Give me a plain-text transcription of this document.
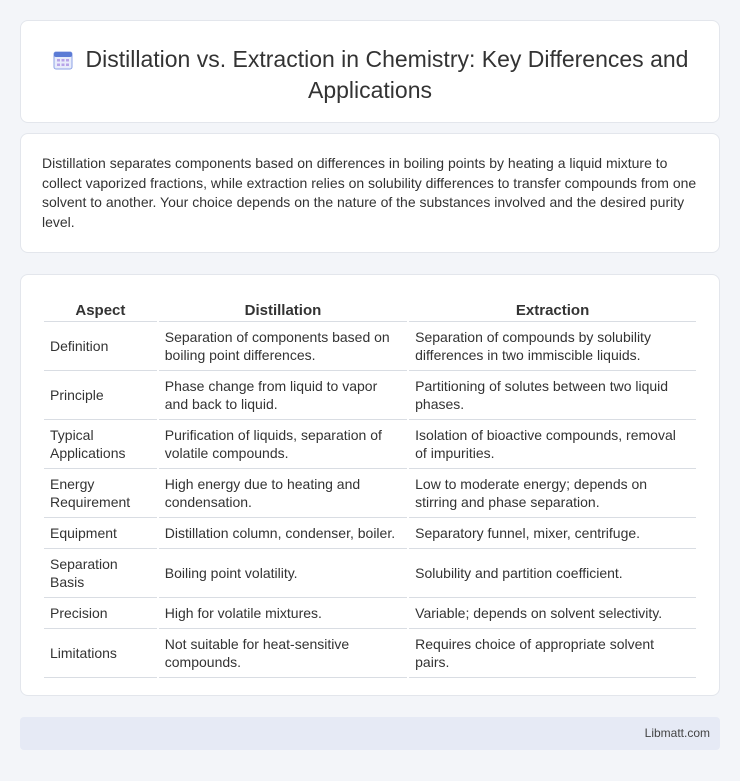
Distillation vs. Extraction in Chemistry: Key Differences and Applications

Distillation separates components based on differences in boiling points by heating a liquid mixture to collect vaporized fractions, while extraction relies on solubility differences to transfer compounds from one solvent to another. Your choice depends on the nature of the substances involved and the desired purity level.

Aspect	Distillation	Extraction
Definition	Separation of components based on boiling point differences.	Separation of compounds by solubility differences in two immiscible liquids.
Principle	Phase change from liquid to vapor and back to liquid.	Partitioning of solutes between two liquid phases.
Typical Applications	Purification of liquids, separation of volatile compounds.	Isolation of bioactive compounds, removal of impurities.
Energy Requirement	High energy due to heating and condensation.	Low to moderate energy; depends on stirring and phase separation.
Equipment	Distillation column, condenser, boiler.	Separatory funnel, mixer, centrifuge.
Separation Basis	Boiling point volatility.	Solubility and partition coefficient.
Precision	High for volatile mixtures.	Variable; depends on solvent selectivity.
Limitations	Not suitable for heat-sensitive compounds.	Requires choice of appropriate solvent pairs.
Libmatt.com
